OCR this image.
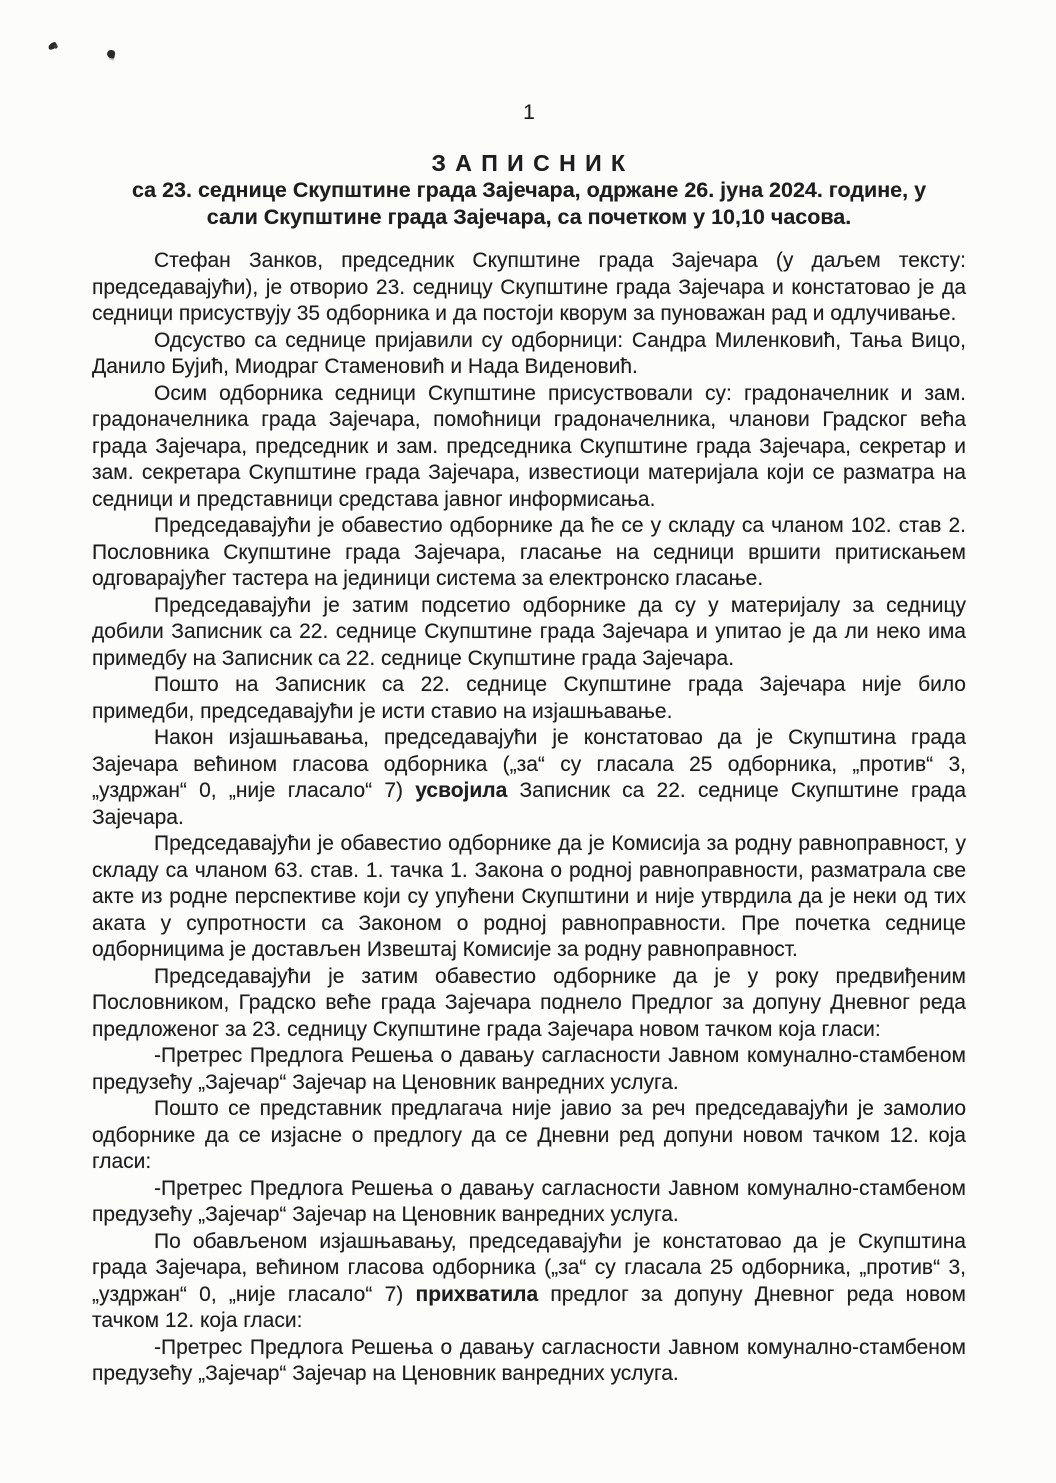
1
З А П И С Н И К
са 23. седнице Скупштине града Зајечара, одржане 26. јуна 2024. године, у
сали Скупштине града Зајечара, са почетком у 10,10 часова.

Стефан Занков, председник Скупштине града Зајечара (у даљем тексту: председавајући), је отворио 23. седницу Скупштине града Зајечара и констатовао је да седници присуствују 35 одборника и да постоји кворум за пуноважан рад и одлучивање.

Одсуство са седнице пријавили су одборници: Сандра Миленковић, Тања Вицо, Данило Бујић, Миодраг Стаменовић и Нада Виденовић.

Осим одборника седници Скупштине присуствовали су: градоначелник и зам. градоначелника града Зајечара, помоћници градоначелника, чланови Градског већа града Зајечара, председник и зам. председника Скупштине града Зајечара, секретар и зам. секретара Скупштине града Зајечара, известиоци материјала који се разматра на седници и представници средстава јавног информисања.

Председавајући је обавестио одборнике да ће се у складу са чланом 102. став 2. Пословника Скупштине града Зајечара, гласање на седници вршити притискањем одговарајућег тастера на јединици система за електронско гласање.

Председавајући је затим подсетио одборнике да су у материјалу за седницу добили Записник са 22. седнице Скупштине града Зајечара и упитао је да ли неко има примедбу на Записник са 22. седнице Скупштине града Зајечара.

Пошто на Записник са 22. седнице Скупштине града Зајечара није било примедби, председавајући је исти ставио на изјашњавање.

Након изјашњавања, председавајући је констатовао да је Скупштина града Зајечара већином гласова одборника („за“ су гласала 25 одборника, „против“ 3, „уздржан“ 0, „није гласало“ 7) усвојила Записник са 22. седнице Скупштине града Зајечара.

Председавајући је обавестио одборнике да је Комисија за родну равноправност, у складу са чланом 63. став. 1. тачка 1. Закона о родној равноправности, разматрала све акте из родне перспективе који су упућени Скупштини и није утврдила да је неки од тих аката у супротности са Законом о родној равноправности. Пре почетка седнице одборницима је достављен Извештај Комисије за родну равноправност.

Председавајући је затим обавестио одборнике да је у року предвиђеним Пословником, Градско веће града Зајечара поднело Предлог за допуну Дневног реда предложеног за 23. седницу Скупштине града Зајечара новом тачком која гласи:

-Претрес Предлога Решења о давању сагласности Јавном комунално-стамбеном предузећу „Зајечар“ Зајечар на Ценовник ванредних услуга.

Пошто се представник предлагача није јавио за реч председавајући је замолио одборнике да се изјасне о предлогу да се Дневни ред допуни новом тачком 12. која гласи:

-Претрес Предлога Решења о давању сагласности Јавном комунално-стамбеном предузећу „Зајечар“ Зајечар на Ценовник ванредних услуга.

По обављеном изјашњавању, председавајући је констатовао да је Скупштина града Зајечара, већином гласова одборника („за“ су гласала 25 одборника, „против“ 3, „уздржан“ 0, „није гласало“ 7) прихватила предлог за допуну Дневног реда новом тачком 12. која гласи:

-Претрес Предлога Решења о давању сагласности Јавном комунално-стамбеном предузећу „Зајечар“ Зајечар на Ценовник ванредних услуга.
